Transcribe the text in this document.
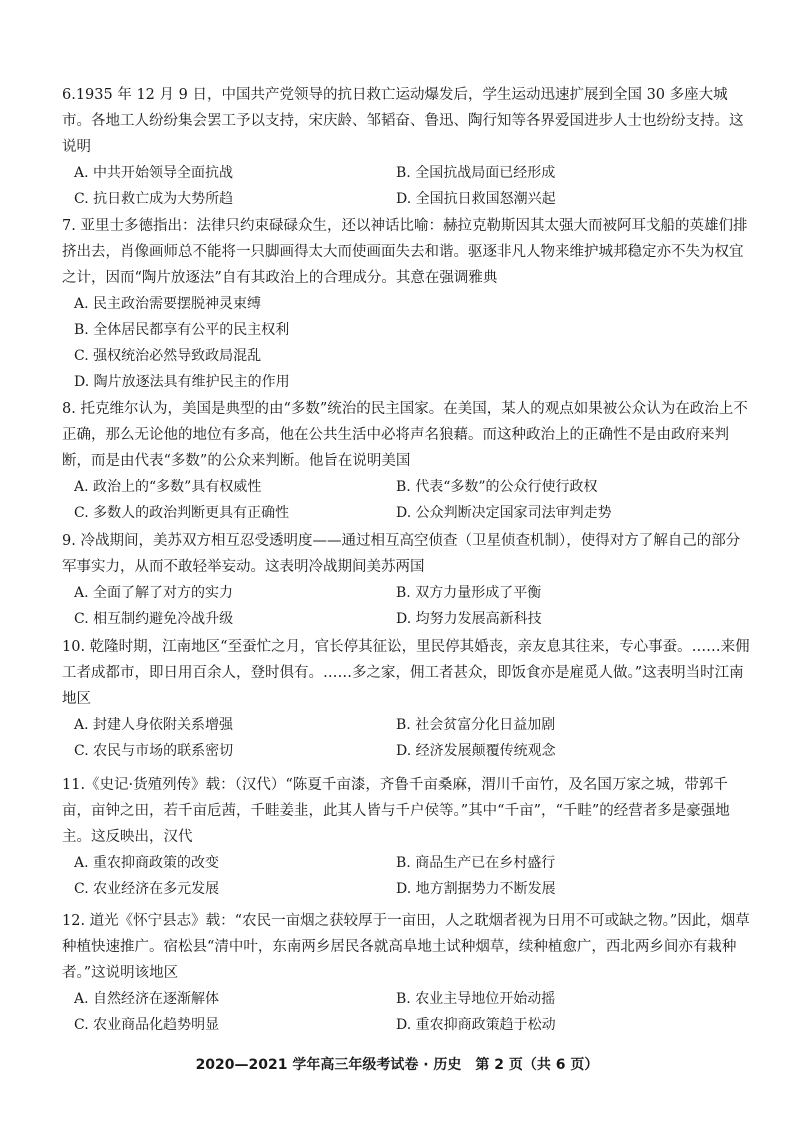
6.1935 年 12 月 9 日，中国共产党领导的抗日救亡运动爆发后，学生运动迅速扩展到全国 30 多座大城市。各地工人纷纷集会罢工予以支持，宋庆龄、邹韬奋、鲁迅、陶行知等各界爱国进步人士也纷纷支持。这说明

A. 中共开始领导全面抗战	B. 全国抗战局面已经形成

C. 抗日救亡成为大势所趋	D. 全国抗日救国怒潮兴起

7. 亚里士多德指出：法律只约束碌碌众生，还以神话比喻：赫拉克勒斯因其太强大而被阿耳戈船的英雄们排挤出去，肖像画师总不能将一只脚画得太大而使画面失去和谐。驱逐非凡人物来维护城邦稳定亦不失为权宜之计，因而“陶片放逐法”自有其政治上的合理成分。其意在强调雅典

A. 民主政治需要摆脱神灵束缚

B. 全体居民都享有公平的民主权利

C. 强权统治必然导致政局混乱

D. 陶片放逐法具有维护民主的作用

8. 托克维尔认为，美国是典型的由“多数”统治的民主国家。在美国，某人的观点如果被公众认为在政治上不正确，那么无论他的地位有多高，他在公共生活中必将声名狼藉。而这种政治上的正确性不是由政府来判断，而是由代表“多数”的公众来判断。他旨在说明美国

A. 政治上的“多数”具有权威性	B. 代表“多数”的公众行使行政权

C. 多数人的政治判断更具有正确性	D. 公众判断决定国家司法审判走势

9. 冷战期间，美苏双方相互忍受透明度——通过相互高空侦查（卫星侦查机制），使得对方了解自己的部分军事实力，从而不敢轻举妄动。这表明冷战期间美苏两国

A. 全面了解了对方的实力	B. 双方力量形成了平衡

C. 相互制约避免冷战升级	D. 均努力发展高新科技

10. 乾隆时期，江南地区“至蚕忙之月，官长停其征讼，里民停其婚丧，亲友息其往来，专心事蚕。……来佣工者成都市，即日用百余人，登时俱有。……多之家，佣工者甚众，即饭食亦是雇觅人做。”这表明当时江南地区

A. 封建人身依附关系增强	B. 社会贫富分化日益加剧

C. 农民与市场的联系密切	D. 经济发展颠覆传统观念

11.《史记·货殖列传》载：（汉代）“陈夏千亩漆，齐鲁千亩桑麻，渭川千亩竹，及名国万家之城，带郭千亩，亩钟之田，若千亩卮茜，千畦姜韭，此其人皆与千户侯等。”其中“千亩”，“千畦”的经营者多是豪强地主。这反映出，汉代

A. 重农抑商政策的改变	B. 商品生产已在乡村盛行

C. 农业经济在多元发展	D. 地方割据势力不断发展

12. 道光《怀宁县志》载：“农民一亩烟之获较厚于一亩田，人之耽烟者视为日用不可或缺之物。”因此，烟草种植快速推广。宿松县“清中叶，东南两乡居民各就高阜地土试种烟草，续种植愈广，西北两乡间亦有栽种者。”这说明该地区

A. 自然经济在逐渐解体	B. 农业主导地位开始动摇

C. 农业商品化趋势明显	D. 重农抑商政策趋于松动

2020—2021 学年高三年级考试卷 · 历史　第 2 页（共 6 页）
